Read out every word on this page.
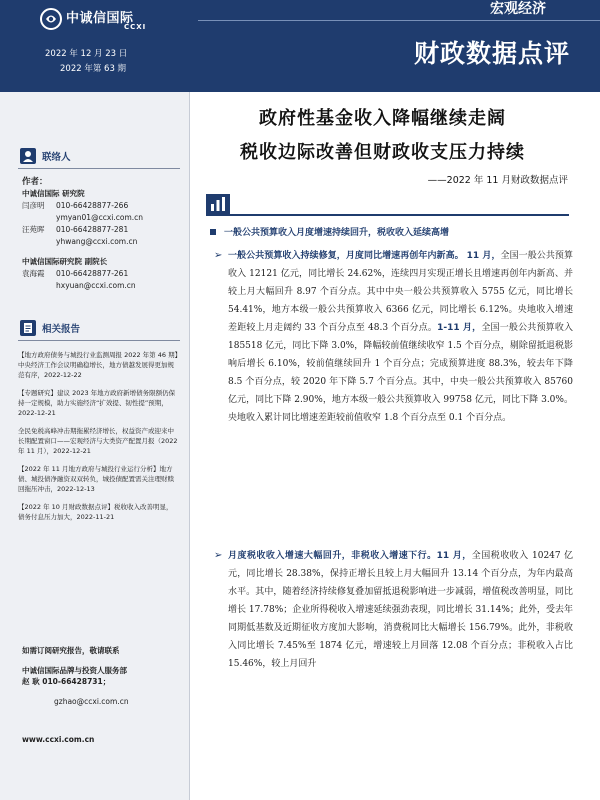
中诚信国际
CCXI
2022 年 12 月 23 日
2022 年第 63 期
宏观经济
财政数据点评
联络人
作者：
中诚信国际 研究院
闫彦明	010-66428877-266
ymyan01@ccxi.com.cn
汪苑晖	010-66428877-281
yhwang@ccxi.com.cn
中诚信国际研究院 副院长
袁海霞	010-66428877-261
hxyuan@ccxi.com.cn
相关报告
【地方政府债务与城投行业监测周报 2022 年第 46 期】中央经济工作会议明确稳增长，地方债越发展得更加规范有序，2022-12-22
【专题研究】建议 2023 年地方政府新增债务限额仍保持一定规模，助力实施经济“扩效提、韧性提”预期，2022-12-21
全民免税高峰冲击期拖累经济增长，权益资产或迎来中长期配置窗口——宏观经济与大类资产配置月报（2022 年 11 月），2022-12-21
【2022 年 11 月地方政府与城投行业运行分析】地方债、城投债净融资双双转负，城投债配置需关注理财赎回拖压冲击，2022-12-13
【2022 年 10 月财政数据点评】税收收入改善明显，债务付息压力加大，2022-11-21
如需订阅研究报告，敬请联系
中诚信国际品牌与投资人服务部
赵 耿 010-66428731；
gzhao@ccxi.com.cn
www.ccxi.com.cn
政府性基金收入降幅继续走阔
税收边际改善但财政收支压力持续
——2022 年 11 月财政数据点评
一般公共预算收入月度增速持续回升，税收收入延续高增
➢ 一般公共预算收入持续修复，月度同比增速再创年内新高。 11 月，全国一般公共预算收入 12121 亿元，同比增长 24.62%，连续四月实现正增长且增速再创年内新高、并较上月大幅回升 8.97 个百分点。其中中央一般公共预算收入 5755 亿元，同比增长 54.41%，地方本级一般公共预算收入 6366 亿元，同比增长 6.12%。央地收入增速差距较上月走阔约 33 个百分点至 48.3 个百分点。1-11 月，全国一般公共预算收入 185518 亿元，同比下降 3.0%，降幅较前值继续收窄 1.5 个百分点，剔除留抵退税影响后增长 6.10%，较前值继续回升 1 个百分点；完成预算进度 88.3%，较去年下降 8.5 个百分点，较 2020 年下降 5.7 个百分点。其中，中央一般公共预算收入 85760 亿元，同比下降 2.90%，地方本级一般公共预算收入 99758 亿元，同比下降 3.0%。央地收入累计同比增速差距较前值收窄 1.8 个百分点至 0.1 个百分点。
➢ 月度税收收入增速大幅回升，非税收入增速下行。11 月，全国税收收入 10247 亿元，同比增长 28.38%，保持正增长且较上月大幅回升 13.14 个百分点，为年内最高水平。其中，随着经济持续修复叠加留抵退税影响进一步减弱，增值税改善明显，同比增长 17.78%；企业所得税收入增速延续强劲表现，同比增长 31.14%；此外，受去年同期低基数及近期征收方度加大影响，消费税同比大幅增长 156.79%。此外，非税收入同比增长 7.45%至 1874 亿元，增速较上月回落 12.08 个百分点；非税收入占比 15.46%，较上月回升
